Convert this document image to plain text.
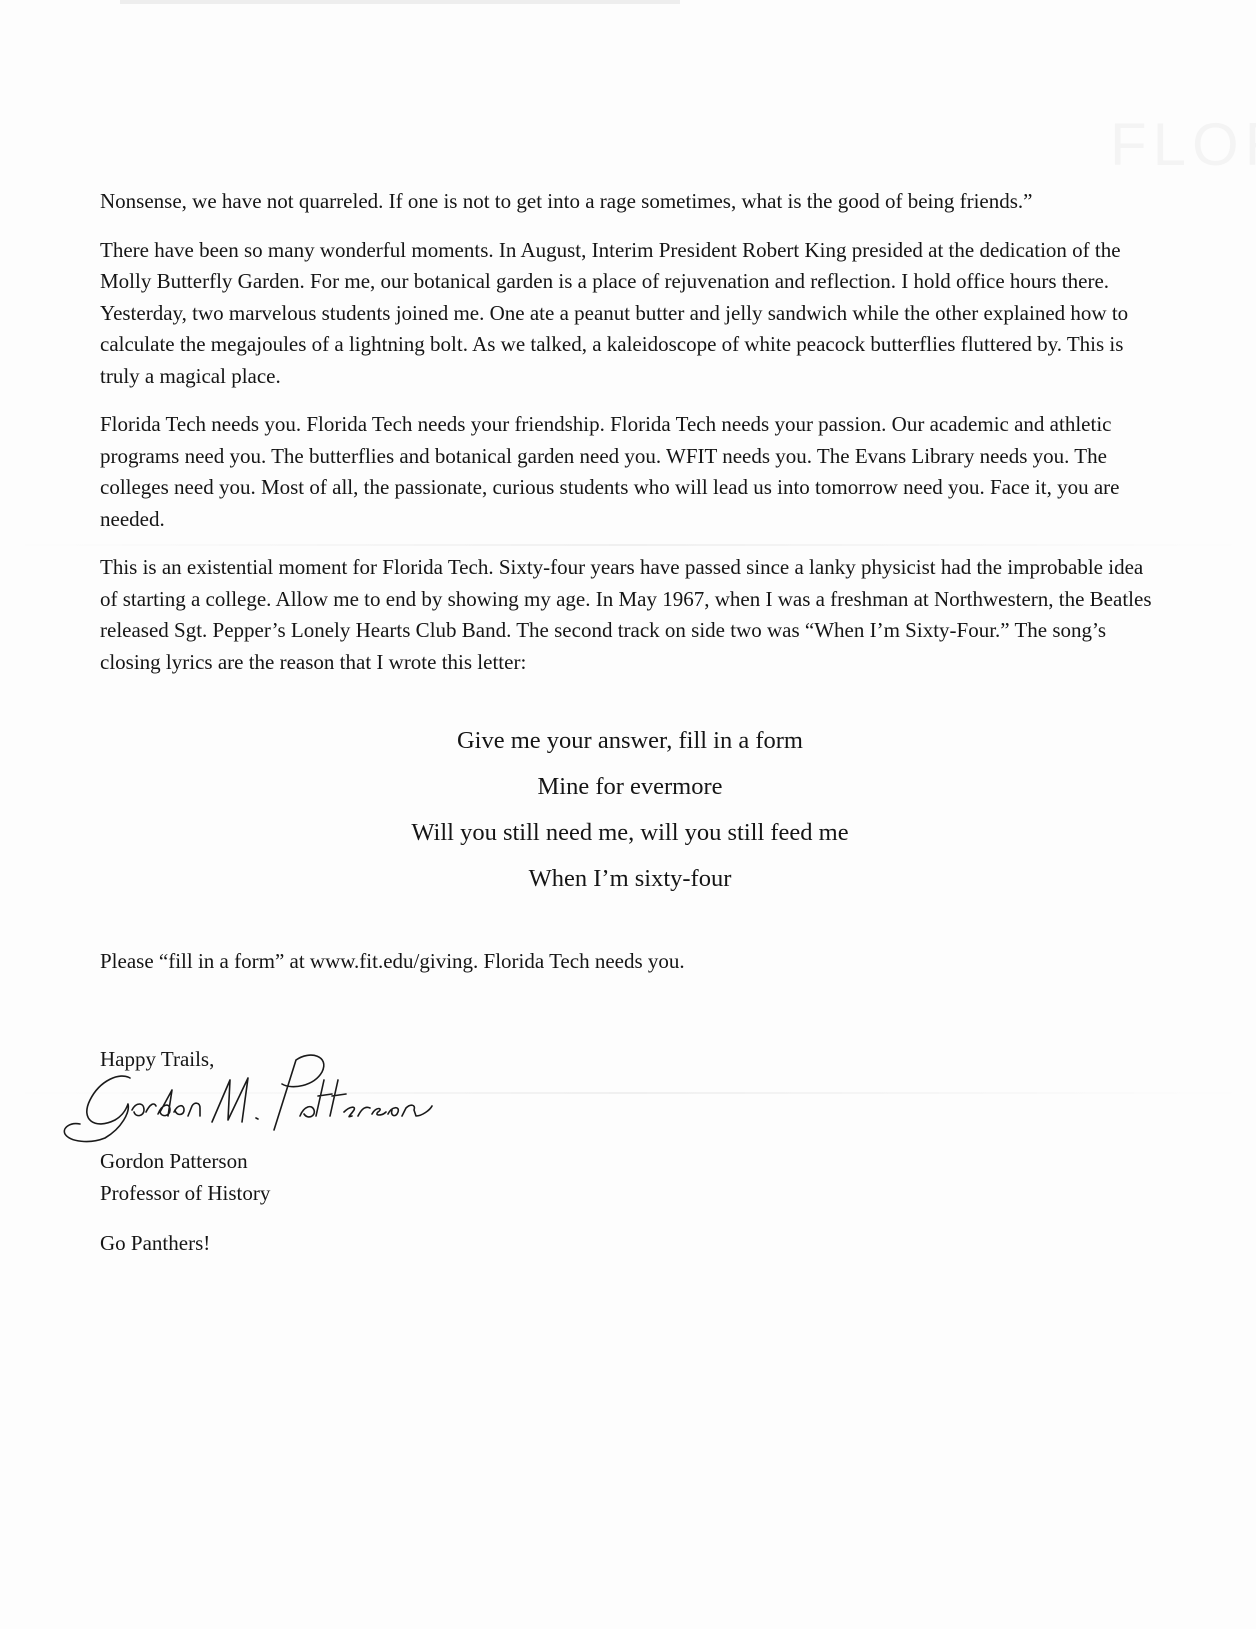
Nonsense, we have not quarreled. If one is not to get into a rage sometimes, what is the good of being friends.”

There have been so many wonderful moments. In August, Interim President Robert King presided at the dedication of the Molly Butterfly Garden. For me, our botanical garden is a place of rejuvenation and reflection. I hold office hours there. Yesterday, two marvelous students joined me. One ate a peanut butter and jelly sandwich while the other explained how to calculate the megajoules of a lightning bolt. As we talked, a kaleidoscope of white peacock butterflies fluttered by. This is truly a magical place.

Florida Tech needs you. Florida Tech needs your friendship. Florida Tech needs your passion. Our academic and athletic programs need you. The butterflies and botanical garden need you. WFIT needs you. The Evans Library needs you. The colleges need you. Most of all, the passionate, curious students who will lead us into tomorrow need you. Face it, you are needed.

This is an existential moment for Florida Tech. Sixty-four years have passed since a lanky physicist had the improbable idea of starting a college. Allow me to end by showing my age. In May 1967, when I was a freshman at Northwestern, the Beatles released Sgt. Pepper’s Lonely Hearts Club Band. The second track on side two was “When I’m Sixty-Four.” The song’s closing lyrics are the reason that I wrote this letter:

Give me your answer, fill in a form
Mine for evermore
Will you still need me, will you still feed me
When I’m sixty-four
Please “fill in a form” at www.fit.edu/giving. Florida Tech needs you.
Happy Trails,
Gordon Patterson
Professor of History
Go Panthers!
